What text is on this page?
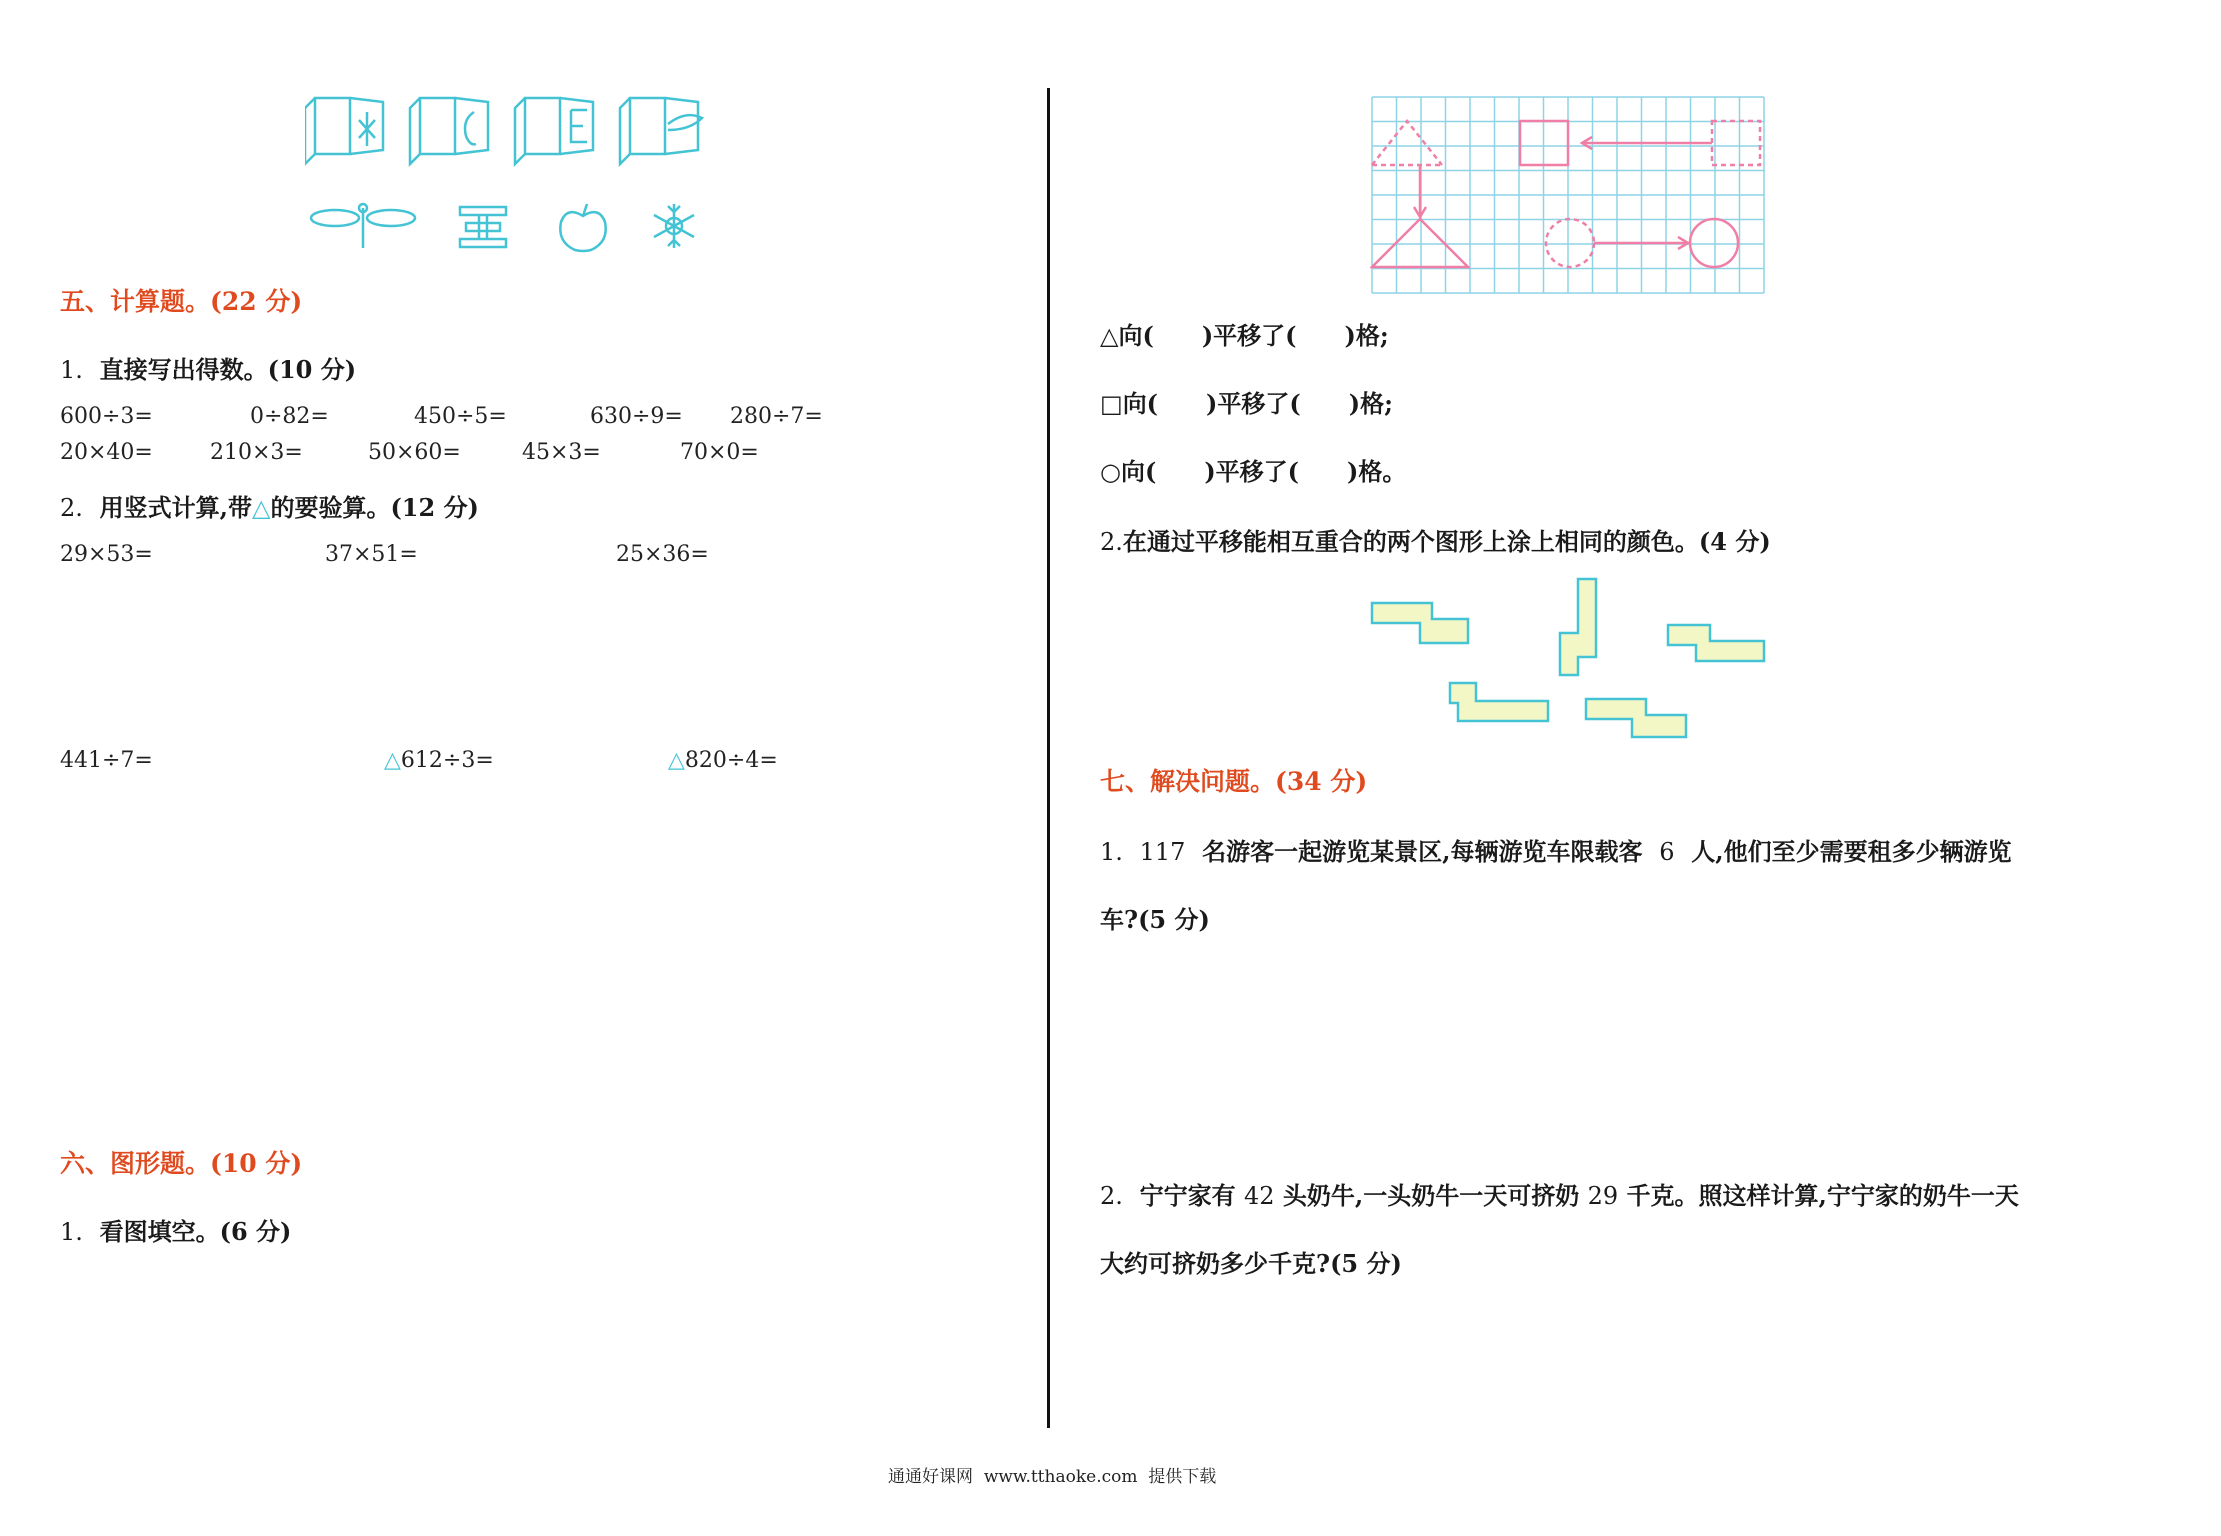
五、计算题。(22 分)
1. 直接写出得数。(10 分)
600÷3=	0÷82=	450÷5=	630÷9= 280÷7=
20×40=	210×3=	50×60=	45×3=	70×0=
2. 用竖式计算,带△的要验算。(12 分)
29×53=	37×51=	25×36=
441÷7=	△612÷3=	△820÷4=
六、图形题。(10 分)
1. 看图填空。(6 分)
△向( )平移了( )格;
□向( )平移了( )格;
○向( )平移了( )格。
2.在通过平移能相互重合的两个图形上涂上相同的颜色。(4 分)
七、解决问题。(34 分)
1. 117 名游客一起游览某景区,每辆游览车限载客 6 人,他们至少需要租多少辆游览
车?(5 分)
2. 宁宁家有 42 头奶牛,一头奶牛一天可挤奶 29 千克。照这样计算,宁宁家的奶牛一天
大约可挤奶多少千克?(5 分)
通通好课网 www.tthaoke.com 提供下载
